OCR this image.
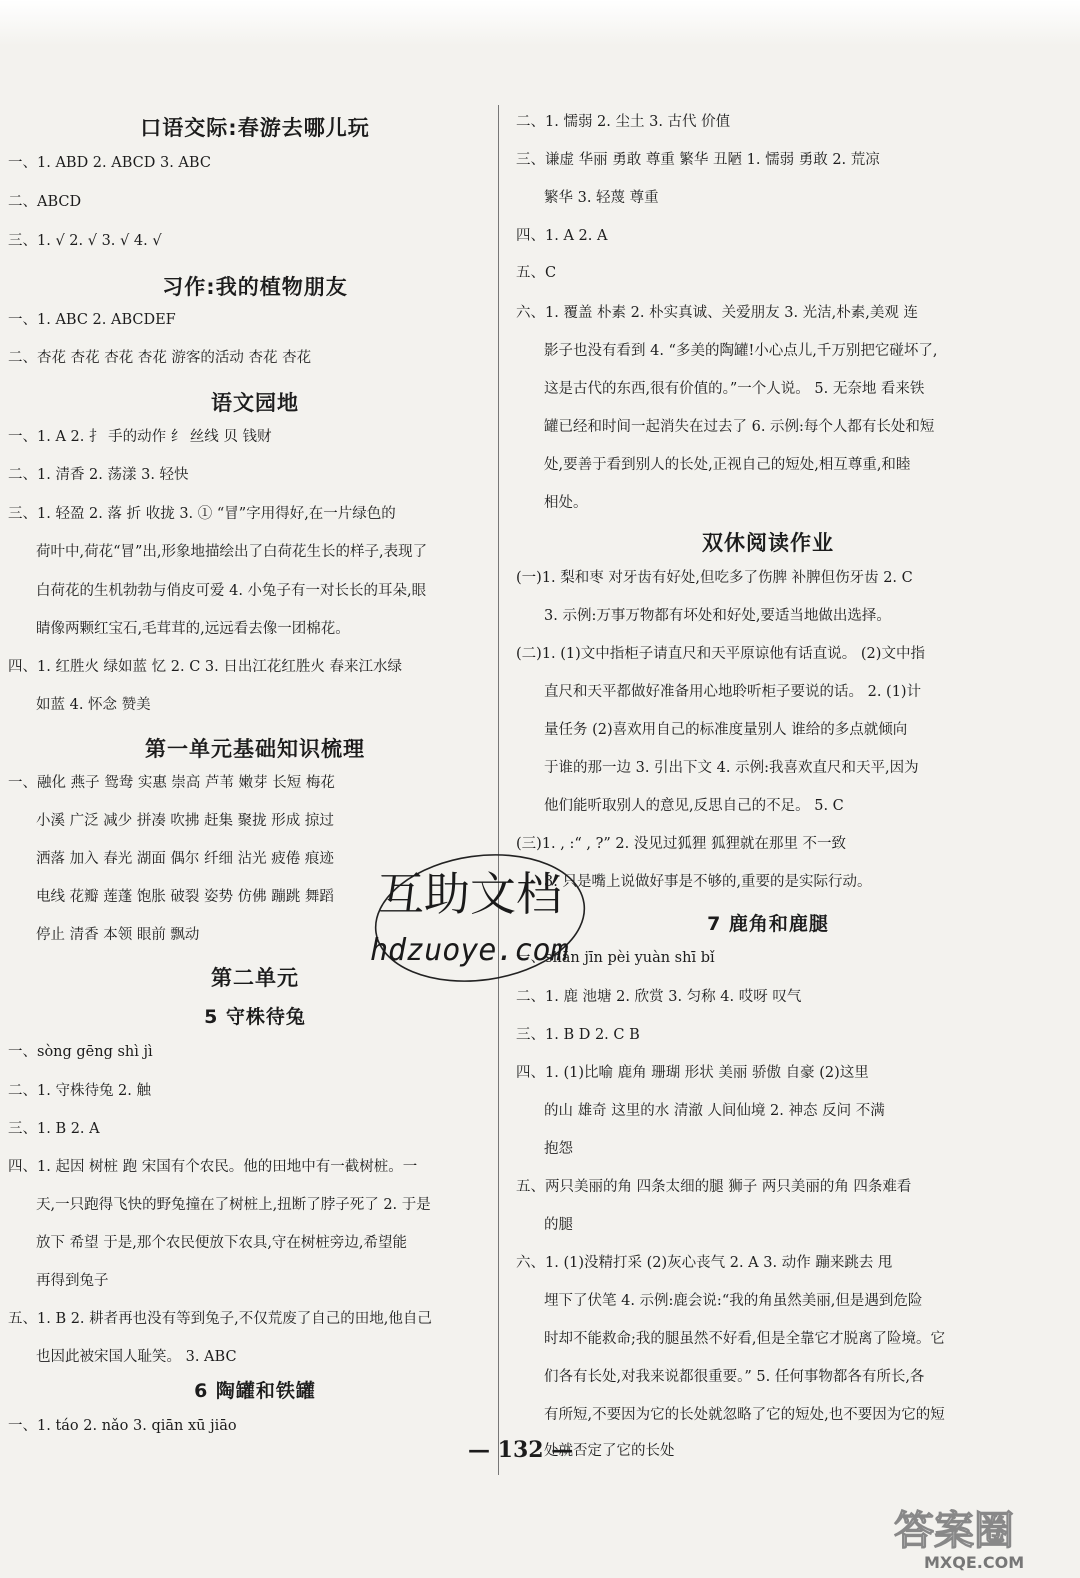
口语交际:春游去哪儿玩
一、1. ABD 2. ABCD 3. ABC
二、ABCD
三、1. √ 2. √ 3. √ 4. √
习作:我的植物朋友
一、1. ABC 2. ABCDEF
二、杏花 杏花 杏花 杏花 游客的活动 杏花 杏花
语文园地
一、1. A 2. 扌 手的动作 纟 丝线 贝 钱财
二、1. 清香 2. 荡漾 3. 轻快
三、1. 轻盈 2. 落 折 收拢 3. ① “冒”字用得好,在一片绿色的
荷叶中,荷花“冒”出,形象地描绘出了白荷花生长的样子,表现了
白荷花的生机勃勃与俏皮可爱 4. 小兔子有一对长长的耳朵,眼
睛像两颗红宝石,毛茸茸的,远远看去像一团棉花。
四、1. 红胜火 绿如蓝 忆 2. C 3. 日出江花红胜火 春来江水绿
如蓝 4. 怀念 赞美
第一单元基础知识梳理
一、融化 燕子 鸳鸯 实惠 崇高 芦苇 嫩芽 长短 梅花
小溪 广泛 减少 拼凑 吹拂 赶集 聚拢 形成 掠过
洒落 加入 春光 湖面 偶尔 纤细 沾光 疲倦 痕迹
电线 花瓣 莲蓬 饱胀 破裂 姿势 仿佛 蹦跳 舞蹈
停止 清香 本领 眼前 飘动
第二单元
5 守株待兔
一、sòng gēng shì jì
二、1. 守株待兔 2. 触
三、1. B 2. A
四、1. 起因 树桩 跑 宋国有个农民。他的田地中有一截树桩。一
天,一只跑得飞快的野兔撞在了树桩上,扭断了脖子死了 2. 于是
放下 希望 于是,那个农民便放下农具,守在树桩旁边,希望能
再得到兔子
五、1. B 2. 耕者再也没有等到兔子,不仅荒废了自己的田地,他自己
也因此被宋国人耻笑。 3. ABC
6 陶罐和铁罐
一、1. táo 2. nǎo 3. qiān xū jiāo
二、1. 懦弱 2. 尘土 3. 古代 价值
三、谦虚 华丽 勇敢 尊重 繁华 丑陋 1. 懦弱 勇敢 2. 荒凉
繁华 3. 轻蔑 尊重
四、1. A 2. A
五、C
六、1. 覆盖 朴素 2. 朴实真诚、关爱朋友 3. 光洁,朴素,美观 连
影子也没有看到 4. “多美的陶罐!小心点儿,千万别把它碰坏了,
这是古代的东西,很有价值的。”一个人说。 5. 无奈地 看来铁
罐已经和时间一起消失在过去了 6. 示例:每个人都有长处和短
处,要善于看到别人的长处,正视自己的短处,相互尊重,和睦
相处。
双休阅读作业
(一)1. 梨和枣 对牙齿有好处,但吃多了伤脾 补脾但伤牙齿 2. C
3. 示例:万事万物都有坏处和好处,要适当地做出选择。
(二)1. (1)文中指柜子请直尺和天平原谅他有话直说。 (2)文中指
直尺和天平都做好准备用心地聆听柜子要说的话。 2. (1)计
量任务 (2)喜欢用自己的标准度量别人 谁给的多点就倾向
于谁的那一边 3. 引出下文 4. 示例:我喜欢直尺和天平,因为
他们能听取别人的意见,反思自己的不足。 5. C
(三)1. , :“ , ?” 2. 没见过狐狸 狐狸就在那里 不一致
3. 只是嘴上说做好事是不够的,重要的是实际行动。
7 鹿角和鹿腿
一、shān jīn pèi yuàn shī bǐ
二、1. 鹿 池塘 2. 欣赏 3. 匀称 4. 哎呀 叹气
三、1. B D 2. C B
四、1. (1)比喻 鹿角 珊瑚 形状 美丽 骄傲 自豪 (2)这里
的山 雄奇 这里的水 清澈 人间仙境 2. 神态 反问 不满
抱怨
五、两只美丽的角 四条太细的腿 狮子 两只美丽的角 四条难看
的腿
六、1. (1)没精打采 (2)灰心丧气 2. A 3. 动作 蹦来跳去 甩
埋下了伏笔 4. 示例:鹿会说:“我的角虽然美丽,但是遇到危险
时却不能救命;我的腿虽然不好看,但是全靠它才脱离了险境。它
们各有长处,对我来说都很重要。” 5. 任何事物都各有所长,各
有所短,不要因为它的长处就忽略了它的短处,也不要因为它的短
处就否定了它的长处
— 132 —
互助文档
hdzuoye.com
答案圈
MXQE.COM
